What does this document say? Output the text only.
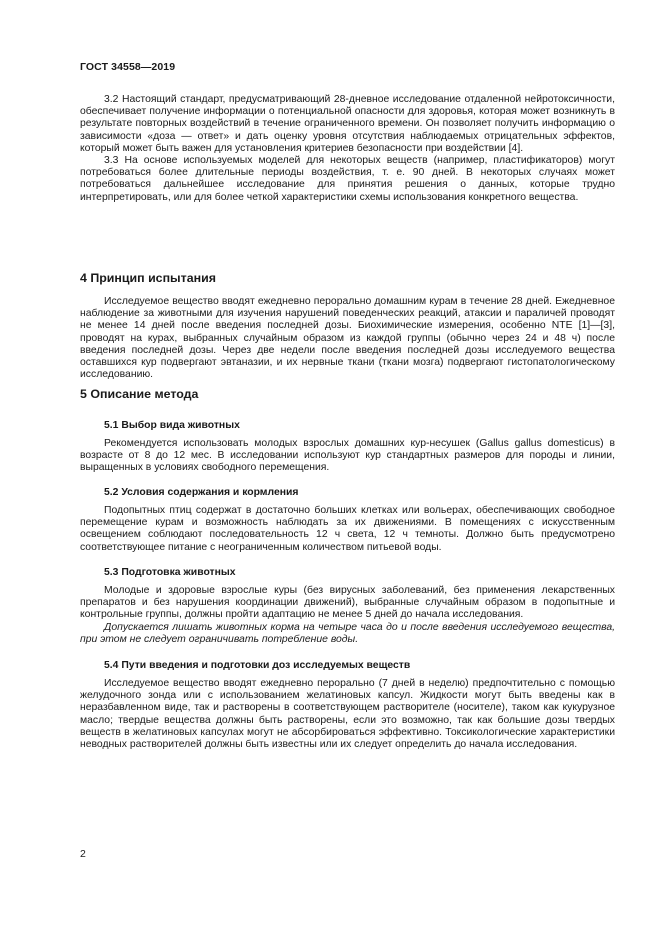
ГОСТ 34558—2019

3.2 Настоящий стандарт, предусматривающий 28-дневное исследование отдаленной нейротоксичности, обеспечивает получение информации о потенциальной опасности для здоровья, которая может возникнуть в результате повторных воздействий в течение ограниченного времени. Он позволяет получить информацию о зависимости «доза — ответ» и дать оценку уровня отсутствия наблюдаемых отрицательных эффектов, который может быть важен для установления критериев безопасности при воздействии [4].

3.3 На основе используемых моделей для некоторых веществ (например, пластификаторов) могут потребоваться более длительные периоды воздействия, т. е. 90 дней. В некоторых случаях может потребоваться дальнейшее исследование для принятия решения о данных, которые трудно интерпретировать, или для более четкой характеристики схемы использования конкретного вещества.

4 Принцип испытания

Исследуемое вещество вводят ежедневно перорально домашним курам в течение 28 дней. Ежедневное наблюдение за животными для изучения нарушений поведенческих реакций, атаксии и параличей проводят не менее 14 дней после введения последней дозы. Биохимические измерения, особенно NTE [1]—[3], проводят на курах, выбранных случайным образом из каждой группы (обычно через 24 и 48 ч) после введения последней дозы. Через две недели после введения последней дозы исследуемого вещества оставшихся кур подвергают эвтаназии, и их нервные ткани (ткани мозга) подвергают гистопатологическому исследованию.

5 Описание метода
5.1 Выбор вида животных

Рекомендуется использовать молодых взрослых домашних кур-несушек (Gallus gallus domesticus) в возрасте от 8 до 12 мес. В исследовании используют кур стандартных размеров для породы и линии, выращенных в условиях свободного перемещения.

5.2 Условия содержания и кормления

Подопытных птиц содержат в достаточно больших клетках или вольерах, обеспечивающих свободное перемещение курам и возможность наблюдать за их движениями. В помещениях с искусственным освещением соблюдают последовательность 12 ч света, 12 ч темноты. Должно быть предусмотрено соответствующее питание с неограниченным количеством питьевой воды.

5.3 Подготовка животных

Молодые и здоровые взрослые куры (без вирусных заболеваний, без применения лекарственных препаратов и без нарушения координации движений), выбранные случайным образом в подопытные и контрольные группы, должны пройти адаптацию не менее 5 дней до начала исследования.

Допускается лишать животных корма на четыре часа до и после введения исследуемого вещества, при этом не следует ограничивать потребление воды.

5.4 Пути введения и подготовки доз исследуемых веществ

Исследуемое вещество вводят ежедневно перорально (7 дней в неделю) предпочтительно с помощью желудочного зонда или с использованием желатиновых капсул. Жидкости могут быть введены как в неразбавленном виде, так и растворены в соответствующем растворителе (носителе), таком как кукурузное масло; твердые вещества должны быть растворены, если это возможно, так как большие дозы твердых веществ в желатиновых капсулах могут не абсорбироваться эффективно. Токсикологические характеристики неводных растворителей должны быть известны или их следует определить до начала исследования.

2
